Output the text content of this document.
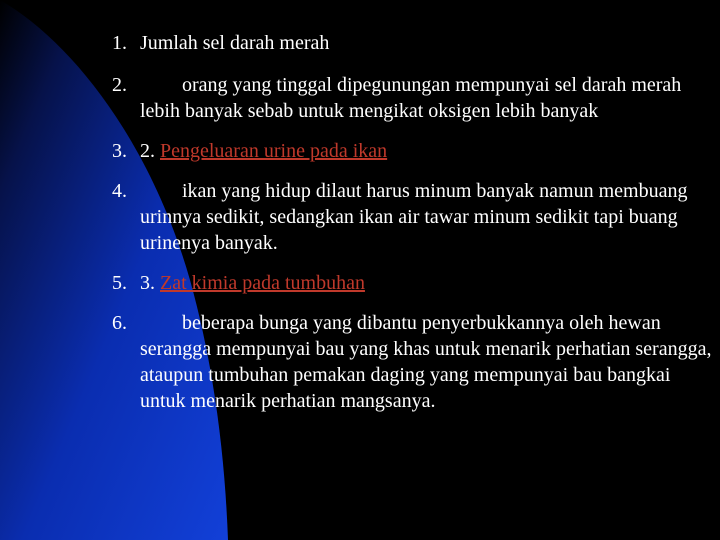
1. Jumlah sel darah merah
2.	orang yang tinggal dipegunungan mempunyai sel darah merah lebih banyak sebab untuk mengikat oksigen lebih banyak
3. 2. Pengeluaran urine pada ikan
4.	ikan yang hidup dilaut harus minum banyak namun membuang urinnya sedikit, sedangkan ikan air tawar minum sedikit tapi buang urinenya banyak.
5. 3. Zat kimia pada tumbuhan
6.	beberapa bunga yang dibantu penyerbukkannya oleh hewan serangga mempunyai bau yang khas untuk menarik perhatian serangga, ataupun tumbuhan pemakan daging yang mempunyai bau bangkai untuk menarik perhatian mangsanya.
